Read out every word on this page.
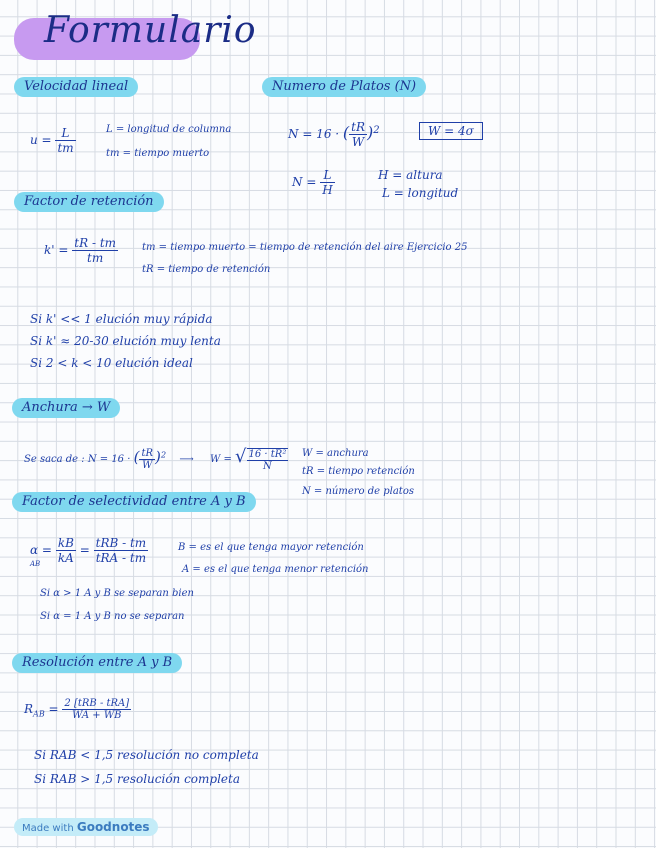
Formulario
Velocidad lineal
$u = \frac{L}{tm}$	L = longitud de columna
tm = tiempo muerto
Numero de Platos (N)
N = 16 · ( $\frac{tR}{W} )^2$	W = 4σ
$N = \frac{L}{H}$	H = altura
L = longitud
Factor de retención
$k' = \frac{tR - tm}{tm}$ tm = tiempo muerto = tiempo de retención del aire Ejercicio 25
tR = tiempo de retención
Si k' << 1 elución muy rápida
Si k' ≈ 20-30 elución muy lenta
Si 2 < k < 10 elución ideal
Anchura → W
Se saca de : N = 16 · ( $\frac{tR}{W} )^2$ ⟶ W = √ $\frac{\text{16 · tR²}}{N}$ W = anchura
tR = tiempo retención
N = número de platos
Factor de selectividad entre A y B
$\alpha = \frac{kB}{kA} = \frac{\text{tRB - tm}}{\text{tRA - tm}}$
AB
B = es el que tenga mayor retención
A = es el que tenga menor retención
Si α > 1 A y B se separan bien
Si α = 1 A y B no se separan
Resolución entre A y B
$R_{AB} = \frac{\text{2 [tRB - tRA]}}{WA + WB}$
Si RAB < 1,5 resolución no completa
Si RAB > 1,5 resolución completa
Made with Goodnotes
